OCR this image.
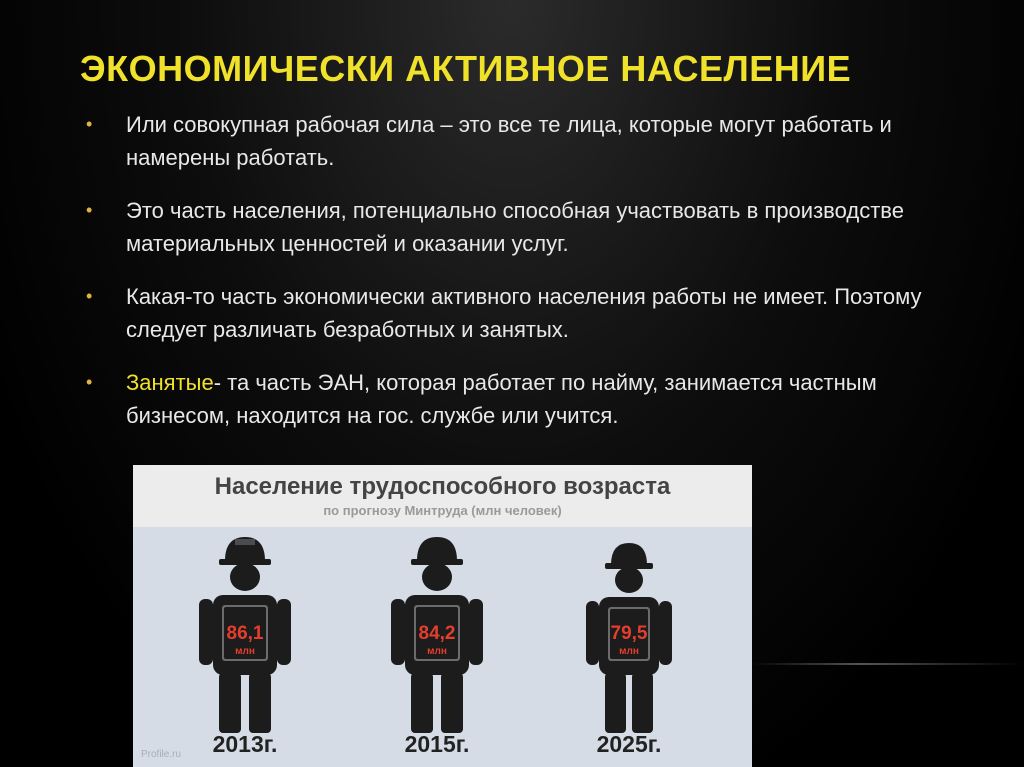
ЭКОНОМИЧЕСКИ АКТИВНОЕ НАСЕЛЕНИЕ
• Или совокупная рабочая сила – это все те лица, которые могут работать и намерены работать.
• Это часть населения, потенциально способная участвовать в производстве материальных ценностей и оказании услуг.
• Какая-то часть экономически активного населения работы не имеет. Поэтому следует различать безработных и занятых.
• Занятые- та часть ЭАН, которая работает по найму, занимается частным бизнесом, находится на гос. службе или учится.
Население трудоспособного возраста
по прогнозу Минтруда (млн человек)
86,1
млн
84,2
млн
79,5
млн
2013г.	2015г.	2025г.
Profile.ru
